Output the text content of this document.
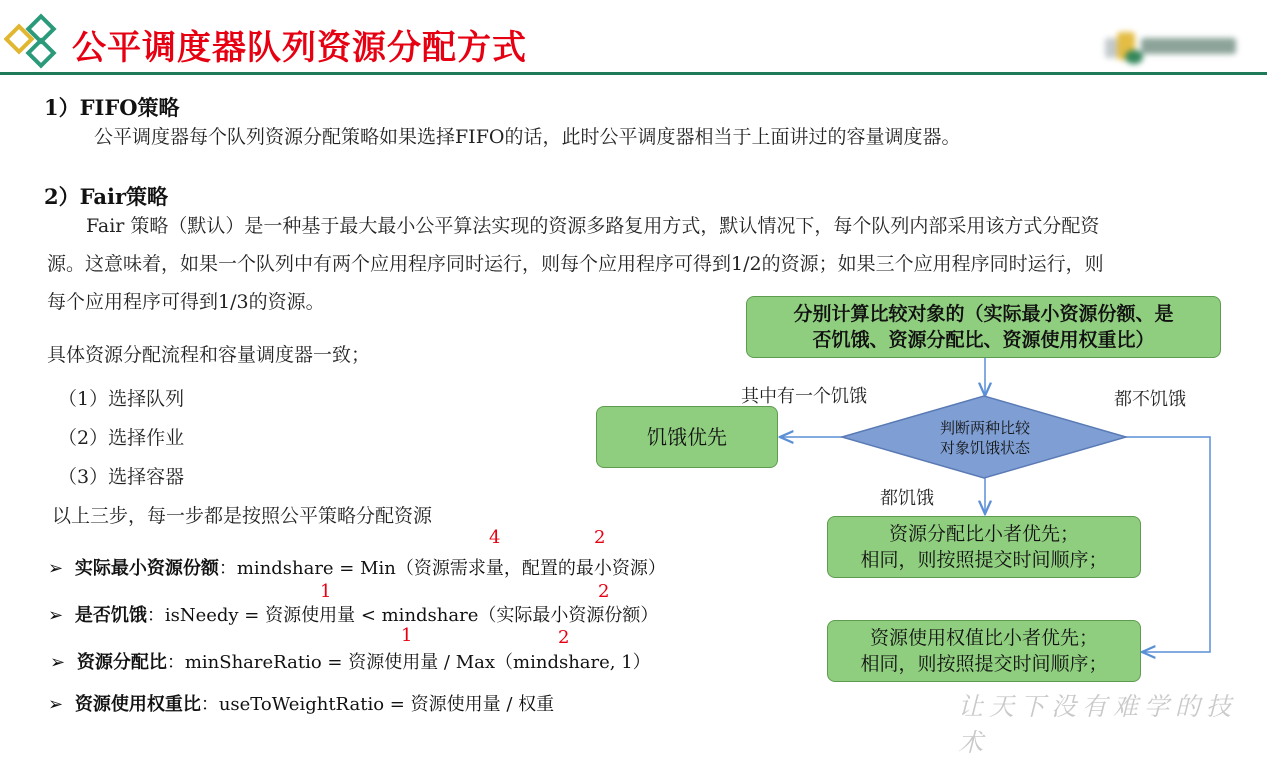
公平调度器队列资源分配方式
1）FIFO策略
公平调度器每个队列资源分配策略如果选择FIFO的话，此时公平调度器相当于上面讲过的容量调度器。
2）Fair策略
Fair 策略（默认）是一种基于最大最小公平算法实现的资源多路复用方式，默认情况下，每个队列内部采用该方式分配资
源。这意味着，如果一个队列中有两个应用程序同时运行，则每个应用程序可得到1/2的资源；如果三个应用程序同时运行，则
每个应用程序可得到1/3的资源。
具体资源分配流程和容量调度器一致；
（1）选择队列
（2）选择作业
（3）选择容器
以上三步，每一步都是按照公平策略分配资源
4	2
1	2
1	2
➢ 实际最小资源份额：mindshare = Min（资源需求量，配置的最小资源）
➢ 是否饥饿：isNeedy = 资源使用量 < mindshare（实际最小资源份额）
➢ 资源分配比：minShareRatio = 资源使用量 / Max（mindshare, 1）
➢ 资源使用权重比：useToWeightRatio = 资源使用量 / 权重
分别计算比较对象的（实际最小资源份额、是
否饥饿、资源分配比、资源使用权重比）
判断两种比较
对象饥饿状态
饥饿优先
其中有一个饥饿	都不饥饿
都饥饿
资源分配比小者优先；
相同，则按照提交时间顺序；
资源使用权值比小者优先；
相同，则按照提交时间顺序；
让天下没有难学的技术
